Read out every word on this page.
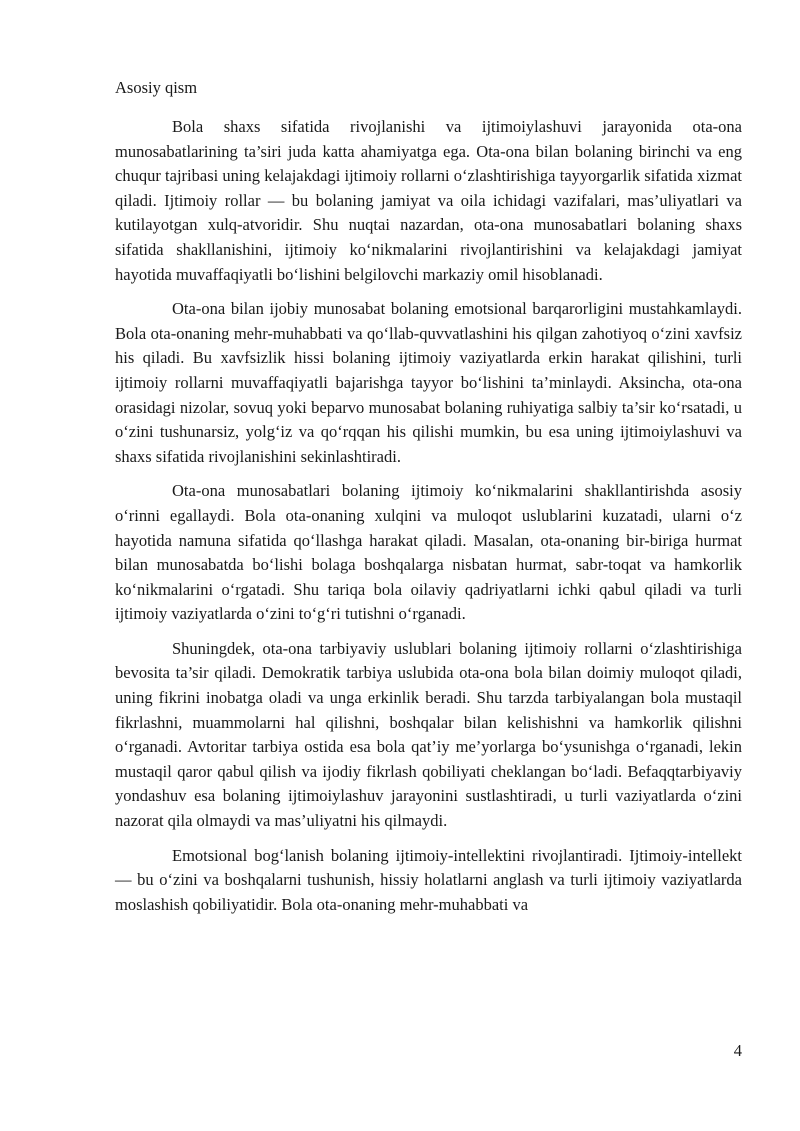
Asosiy qism

Bola shaxs sifatida rivojlanishi va ijtimoiylashuvi jarayonida ota-ona munosabatlarining ta’siri juda katta ahamiyatga ega. Ota-ona bilan bolaning birinchi va eng chuqur tajribasi uning kelajakdagi ijtimoiy rollarni o‘zlashtirishiga tayyorgarlik sifatida xizmat qiladi. Ijtimoiy rollar — bu bolaning jamiyat va oila ichidagi vazifalari, mas’uliyatlari va kutilayotgan xulq-atvoridir. Shu nuqtai nazardan, ota-ona munosabatlari bolaning shaxs sifatida shakllanishini, ijtimoiy ko‘nikmalarini rivojlantirishini va kelajakdagi jamiyat hayotida muvaffaqiyatli bo‘lishini belgilovchi markaziy omil hisoblanadi.

Ota-ona bilan ijobiy munosabat bolaning emotsional barqarorligini mustahkamlaydi. Bola ota-onaning mehr-muhabbati va qo‘llab-quvvatlashini his qilgan zahotiyoq o‘zini xavfsiz his qiladi. Bu xavfsizlik hissi bolaning ijtimoiy vaziyatlarda erkin harakat qilishini, turli ijtimoiy rollarni muvaffaqiyatli bajarishga tayyor bo‘lishini ta’minlaydi. Aksincha, ota-ona orasidagi nizolar, sovuq yoki beparvo munosabat bolaning ruhiyatiga salbiy ta’sir ko‘rsatadi, u o‘zini tushunarsiz, yolg‘iz va qo‘rqqan his qilishi mumkin, bu esa uning ijtimoiylashuvi va shaxs sifatida rivojlanishini sekinlashtiradi.

Ota-ona munosabatlari bolaning ijtimoiy ko‘nikmalarini shakllantirishda asosiy o‘rinni egallaydi. Bola ota-onaning xulqini va muloqot uslublarini kuzatadi, ularni o‘z hayotida namuna sifatida qo‘llashga harakat qiladi. Masalan, ota-onaning bir-biriga hurmat bilan munosabatda bo‘lishi bolaga boshqalarga nisbatan hurmat, sabr-toqat va hamkorlik ko‘nikmalarini o‘rgatadi. Shu tariqa bola oilaviy qadriyatlarni ichki qabul qiladi va turli ijtimoiy vaziyatlarda o‘zini to‘g‘ri tutishni o‘rganadi.

Shuningdek, ota-ona tarbiyaviy uslublari bolaning ijtimoiy rollarni o‘zlashtirishiga bevosita ta’sir qiladi. Demokratik tarbiya uslubida ota-ona bola bilan doimiy muloqot qiladi, uning fikrini inobatga oladi va unga erkinlik beradi. Shu tarzda tarbiyalangan bola mustaqil fikrlashni, muammolarni hal qilishni, boshqalar bilan kelishishni va hamkorlik qilishni o‘rganadi. Avtoritar tarbiya ostida esa bola qat’iy me’yorlarga bo‘ysunishga o‘rganadi, lekin mustaqil qaror qabul qilish va ijodiy fikrlash qobiliyati cheklangan bo‘ladi. Befaqqtarbiyaviy yondashuv esa bolaning ijtimoiylashuv jarayonini sustlashtiradi, u turli vaziyatlarda o‘zini nazorat qila olmaydi va mas’uliyatni his qilmaydi.

Emotsional bog‘lanish bolaning ijtimoiy-intellektini rivojlantiradi. Ijtimoiy-intellekt — bu o‘zini va boshqalarni tushunish, hissiy holatlarni anglash va turli ijtimoiy vaziyatlarda moslashish qobiliyatidir. Bola ota-onaning mehr-muhabbati va

4
